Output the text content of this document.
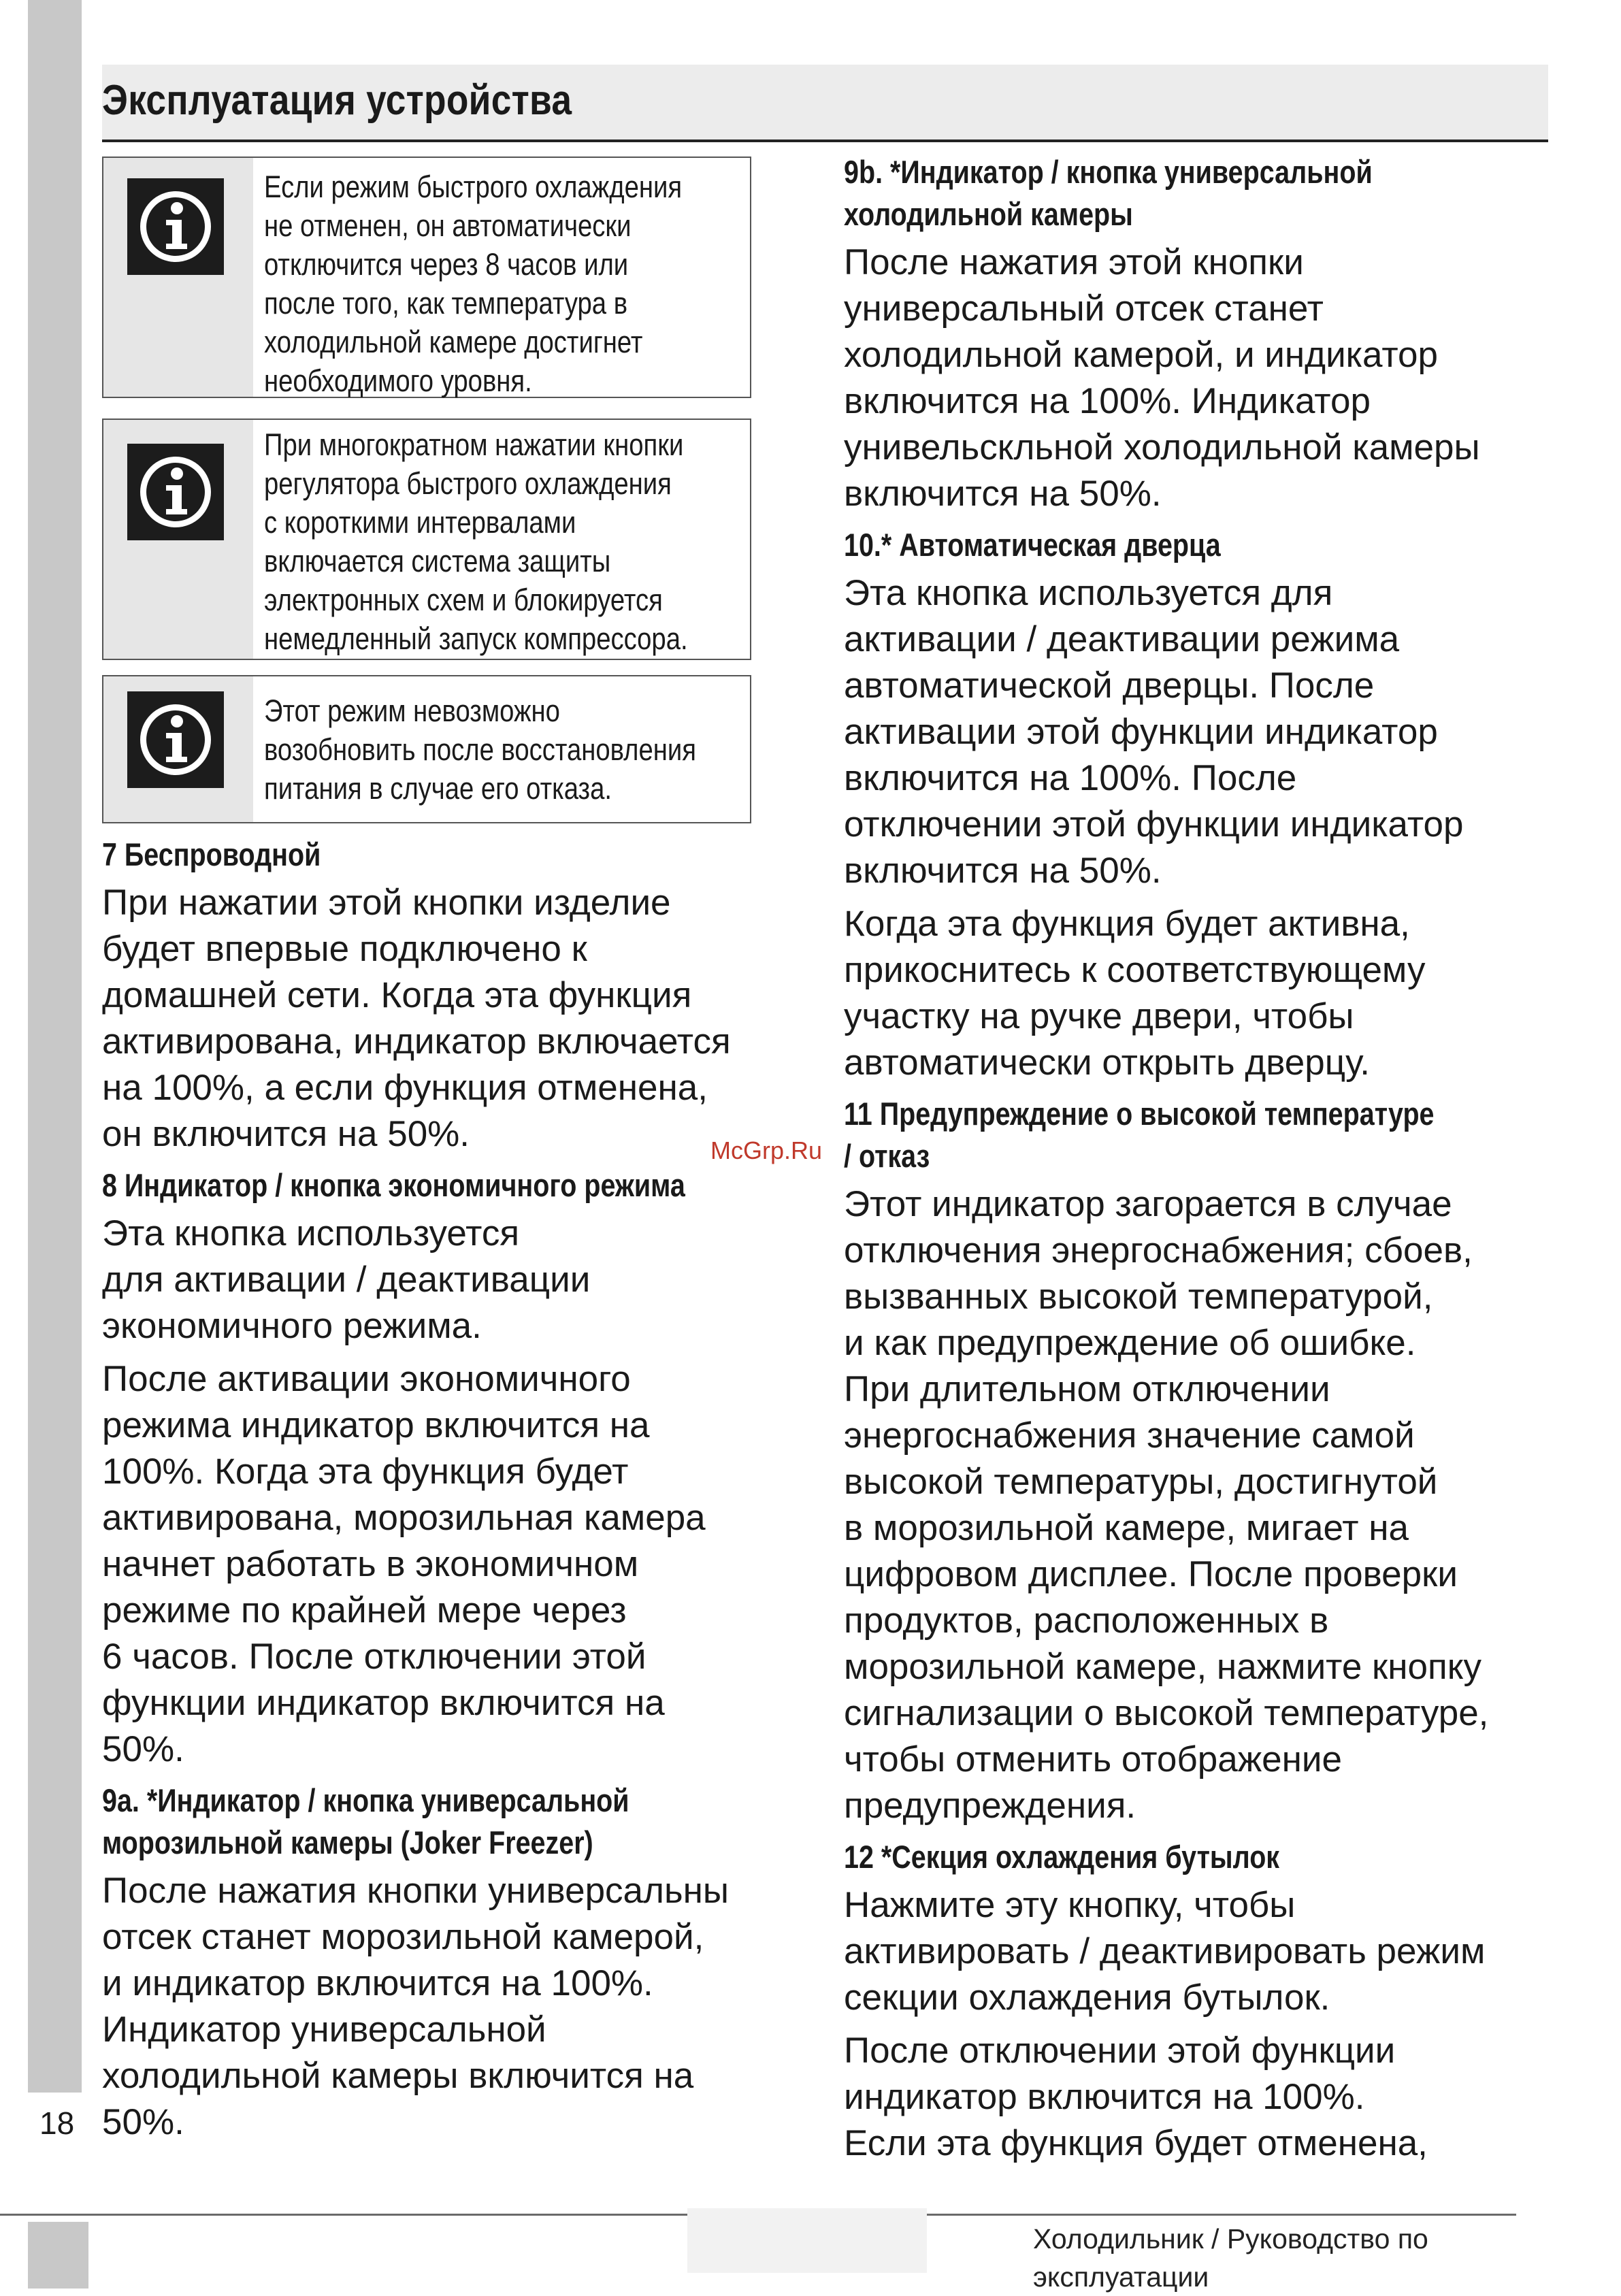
Эксплуатация устройства
Если режим быстрого охлаждения
не отменен, он автоматически
отключится через 8 часов или
после того, как температура в
холодильной камере достигнет
необходимого уровня.
При многократном нажатии кнопки
регулятора быстрого охлаждения
с короткими интервалами
включается система защиты
электронных схем и блокируется
немедленный запуск компрессора.
Этот режим невозможно
возобновить после восстановления
питания в случае его отказа.
7 Беспроводной
При нажатии этой кнопки изделие
будет впервые подключено к
домашней сети. Когда эта функция
активирована, индикатор включается
на 100%, а если функция отменена,
он включится на 50%.
8 Индикатор / кнопка экономичного режима
Эта кнопка используется
для активации / деактивации
экономичного режима.
После активации экономичного
режима индикатор включится на
100%. Когда эта функция будет
активирована, морозильная камера
начнет работать в экономичном
режиме по крайней мере через
6 часов. После отключении этой
функции индикатор включится на
50%.
9a. *Индикатор / кнопка универсальной
морозильной камеры (Joker Freezer)
После нажатия кнопки универсальны
отсек станет морозильной камерой,
и индикатор включится на 100%.
Индикатор универсальной
холодильной камеры включится на
50%.
9b. *Индикатор / кнопка универсальной
холодильной камеры
После нажатия этой кнопки
универсальный отсек станет
холодильной камерой, и индикатор
включится на 100%. Индикатор
унивельскльной холодильной камеры
включится на 50%.
10.* Автоматическая дверца
Эта кнопка используется для
активации / деактивации режима
автоматической дверцы. После
активации этой функции индикатор
включится на 100%. После
отключении этой функции индикатор
включится на 50%.
Когда эта функция будет активна,
прикоснитесь к соответствующему
участку на ручке двери, чтобы
автоматически открыть дверцу.
11 Предупреждение о высокой температуре
/ отказ
Этот индикатор загорается в случае
отключения энергоснабжения; сбоев,
вызванных высокой температурой,
и как предупреждение об ошибке.
При длительном отключении
энергоснабжения значение самой
высокой температуры, достигнутой
в морозильной камере, мигает на
цифровом дисплее. После проверки
продуктов, расположенных в
морозильной камере, нажмите кнопку
сигнализации о высокой температуре,
чтобы отменить отображение
предупреждения.
12 *Секция охлаждения бутылок
Нажмите эту кнопку, чтобы
активировать / деактивировать режим
секции охлаждения бутылок.
После отключении этой функции
индикатор включится на 100%.
Если эта функция будет отменена,
McGrp.Ru
18
Холодильник / Руководство по
эксплуатации
